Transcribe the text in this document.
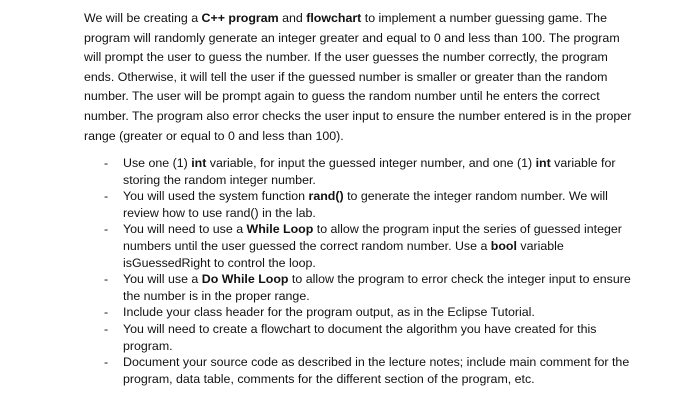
We will be creating a C++ program and flowchart to implement a number guessing game. The program will randomly generate an integer greater and equal to 0 and less than 100. The program will prompt the user to guess the number. If the user guesses the number correctly, the program ends. Otherwise, it will tell the user if the guessed number is smaller or greater than the random number. The user will be prompt again to guess the random number until he enters the correct number. The program also error checks the user input to ensure the number entered is in the proper range (greater or equal to 0 and less than 100).

- Use one (1) int variable, for input the guessed integer number, and one (1) int variable for storing the random integer number.
- You will used the system function rand() to generate the integer random number. We will review how to use rand() in the lab.
- You will need to use a While Loop to allow the program input the series of guessed integer numbers until the user guessed the correct random number. Use a bool variable isGuessedRight to control the loop.
- You will use a Do While Loop to allow the program to error check the integer input to ensure the number is in the proper range.
- Include your class header for the program output, as in the Eclipse Tutorial.
- You will need to create a flowchart to document the algorithm you have created for this program.
- Document your source code as described in the lecture notes; include main comment for the program, data table, comments for the different section of the program, etc.
